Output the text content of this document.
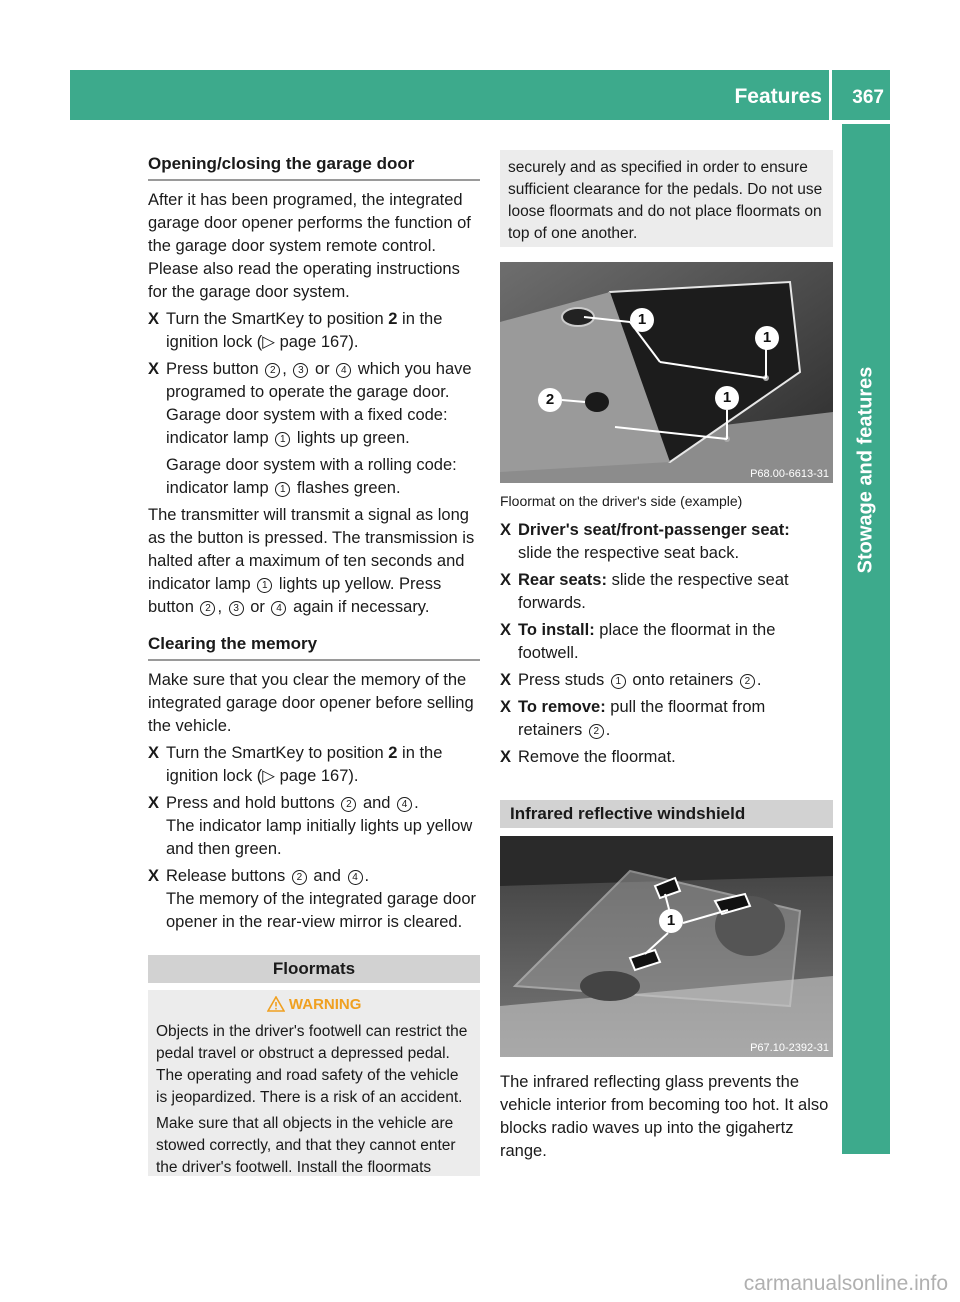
Features 367
Stowage and features
Opening/closing the garage door

After it has been programed, the integrated garage door opener performs the function of the garage door system remote control. Please also read the operating instructions for the garage door system.

X Turn the SmartKey to position 2 in the ignition lock (▷ page 167).
X Press button 2 , 3 or 4 which you have programed to operate the garage door.
Garage door system with a fixed code: indicator lamp 1 lights up green.
Garage door system with a rolling code: indicator lamp 1 flashes green.

The transmitter will transmit a signal as long as the button is pressed. The transmission is halted after a maximum of ten seconds and indicator lamp 1 lights up yellow. Press button 2 , 3 or 4 again if necessary.

Clearing the memory

Make sure that you clear the memory of the integrated garage door opener before selling the vehicle.

X Turn the SmartKey to position 2 in the ignition lock (▷ page 167).
X Press and hold buttons 2 and 4 .
The indicator lamp initially lights up yellow and then green.
X Release buttons 2 and 4 .
The memory of the integrated garage door opener in the rear-view mirror is cleared.
Floormats
WARNING

Objects in the driver's footwell can restrict the pedal travel or obstruct a depressed pedal. The operating and road safety of the vehicle is jeopardized. There is a risk of an accident.

Make sure that all objects in the vehicle are stowed correctly, and that they cannot enter the driver's footwell. Install the floormats

securely and as specified in order to ensure sufficient clearance for the pedals. Do not use loose floormats and do not place floormats on top of one another.

1
1
1
2
P68.00-6613-31
Floormat on the driver's side (example)
X Driver's seat/front-passenger seat:
slide the respective seat back.
X Rear seats: slide the respective seat forwards.
X To install: place the floormat in the footwell.
X Press studs 1 onto retainers 2 .
X To remove: pull the floormat from retainers 2 .
X Remove the floormat.
Infrared reflective windshield
1
P67.10-2392-31

The infrared reflecting glass prevents the vehicle interior from becoming too hot. It also blocks radio waves up into the gigahertz range.

carmanualsonline.info
